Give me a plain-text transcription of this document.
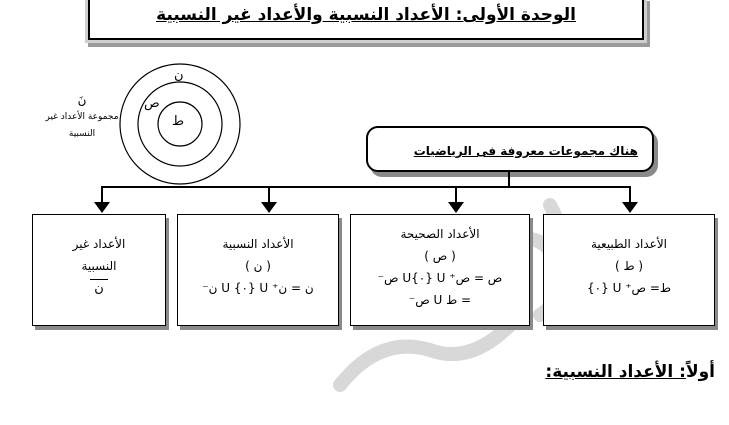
الوحدة الأولى: الأعداد النسبية والأعداد غير النسبية
ن
ص
ط
نَ
مجموعة الأعداد غير
النسبية
هناك مجموعات معروفة فى الرياضيات
الأعداد الطبيعية
( ط )
ط= ص⁺ U {٠}
الأعداد الصحيحة
( ص )
ص = ص⁺ U {٠}U ص⁻
= ط U ص⁻
الأعداد النسبية
( ن )
ن = ن⁺ U {٠} U ن⁻
الأعداد غير النسبية
ن
أولاً: الأعداد النسبية:
